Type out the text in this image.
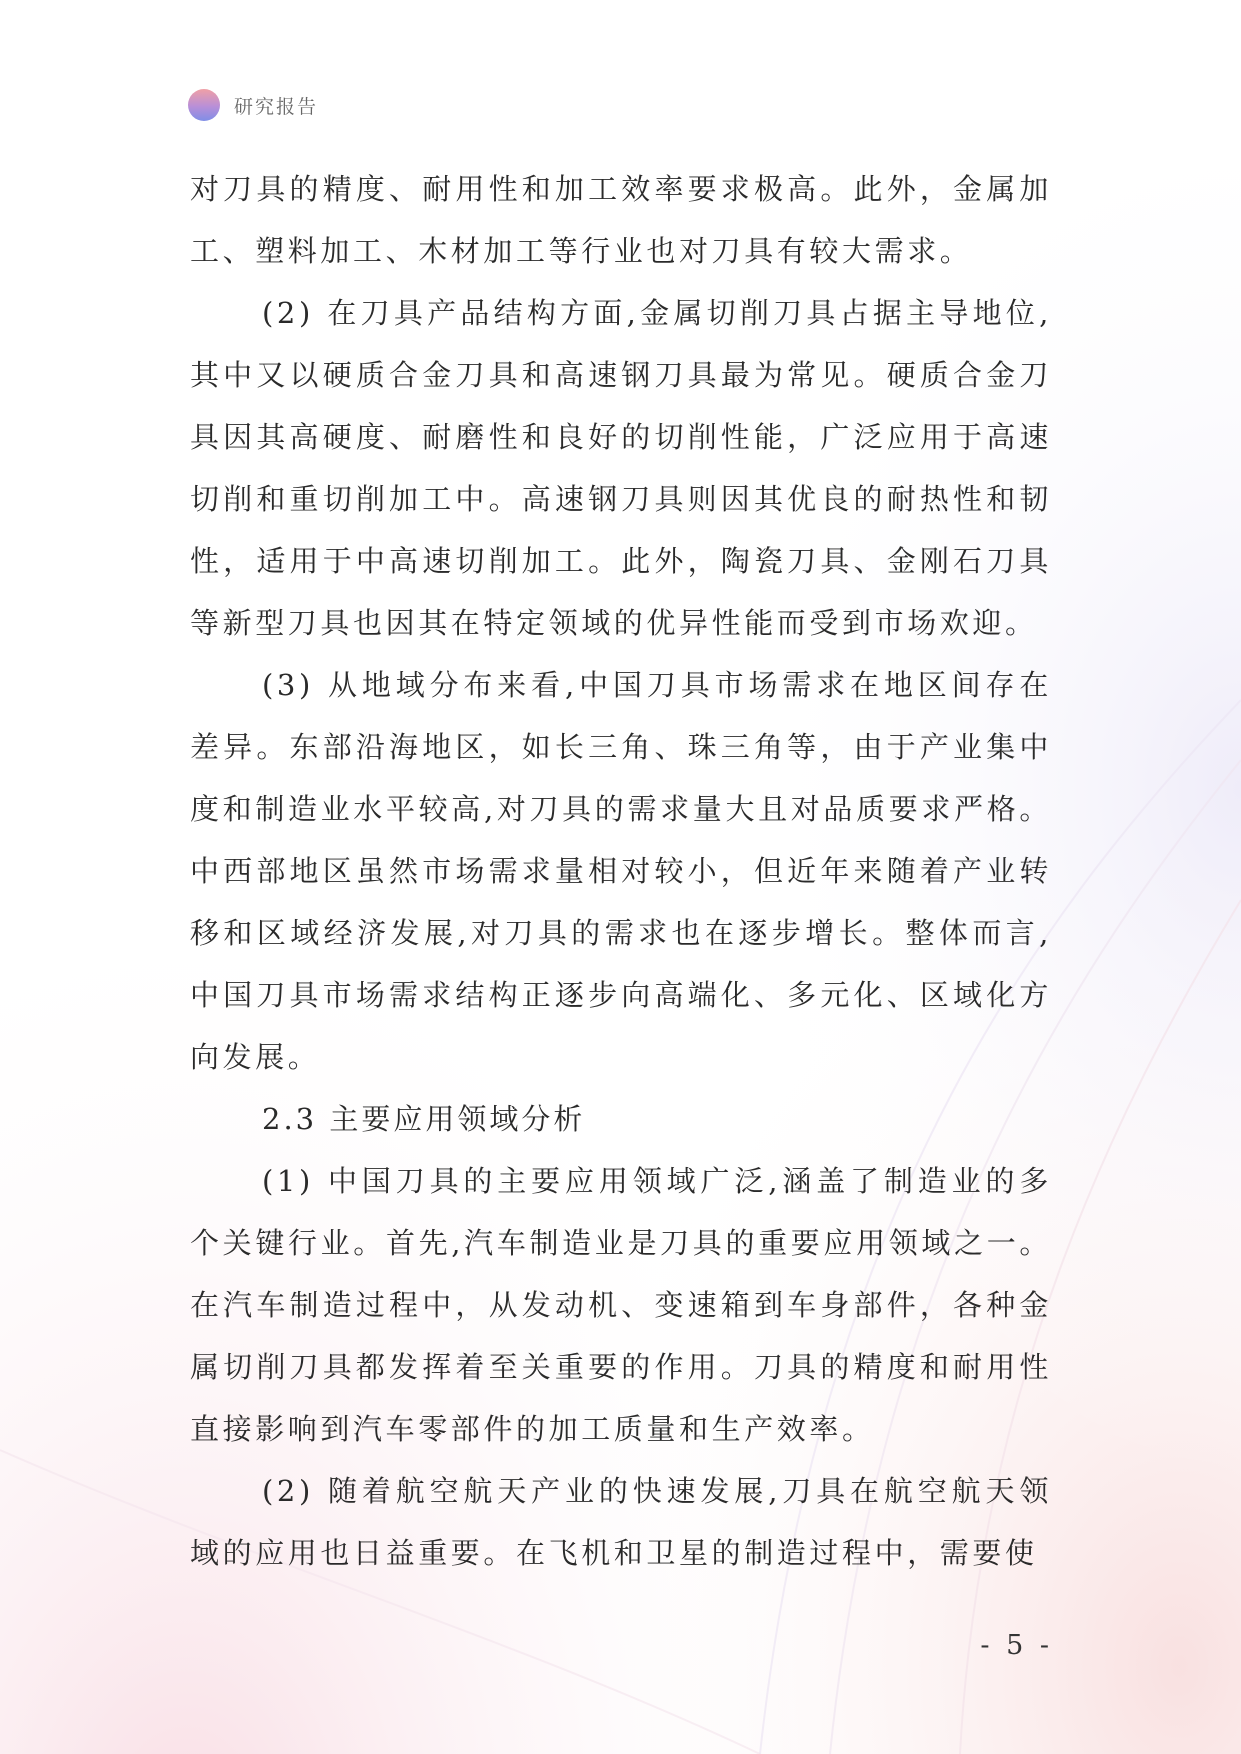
研究报告

对刀具的精度、耐用性和加工效率要求极高。此外，金属加工、塑料加工、木材加工等行业也对刀具有较大需求。

(2) 在刀具产品结构方面,金属切削刀具占据主导地位,其中又以硬质合金刀具和高速钢刀具最为常见。硬质合金刀具因其高硬度、耐磨性和良好的切削性能，广泛应用于高速切削和重切削加工中。高速钢刀具则因其优良的耐热性和韧性，适用于中高速切削加工。此外，陶瓷刀具、金刚石刀具等新型刀具也因其在特定领域的优异性能而受到市场欢迎。

(3) 从地域分布来看,中国刀具市场需求在地区间存在差异。东部沿海地区，如长三角、珠三角等，由于产业集中度和制造业水平较高,对刀具的需求量大且对品质要求严格。中西部地区虽然市场需求量相对较小，但近年来随着产业转移和区域经济发展,对刀具的需求也在逐步增长。整体而言,中国刀具市场需求结构正逐步向高端化、多元化、区域化方向发展。

2.3 主要应用领域分析

(1) 中国刀具的主要应用领域广泛,涵盖了制造业的多个关键行业。首先,汽车制造业是刀具的重要应用领域之一。在汽车制造过程中，从发动机、变速箱到车身部件，各种金属切削刀具都发挥着至关重要的作用。刀具的精度和耐用性直接影响到汽车零部件的加工质量和生产效率。

(2) 随着航空航天产业的快速发展,刀具在航空航天领域的应用也日益重要。在飞机和卫星的制造过程中，需要使

- 5 -
